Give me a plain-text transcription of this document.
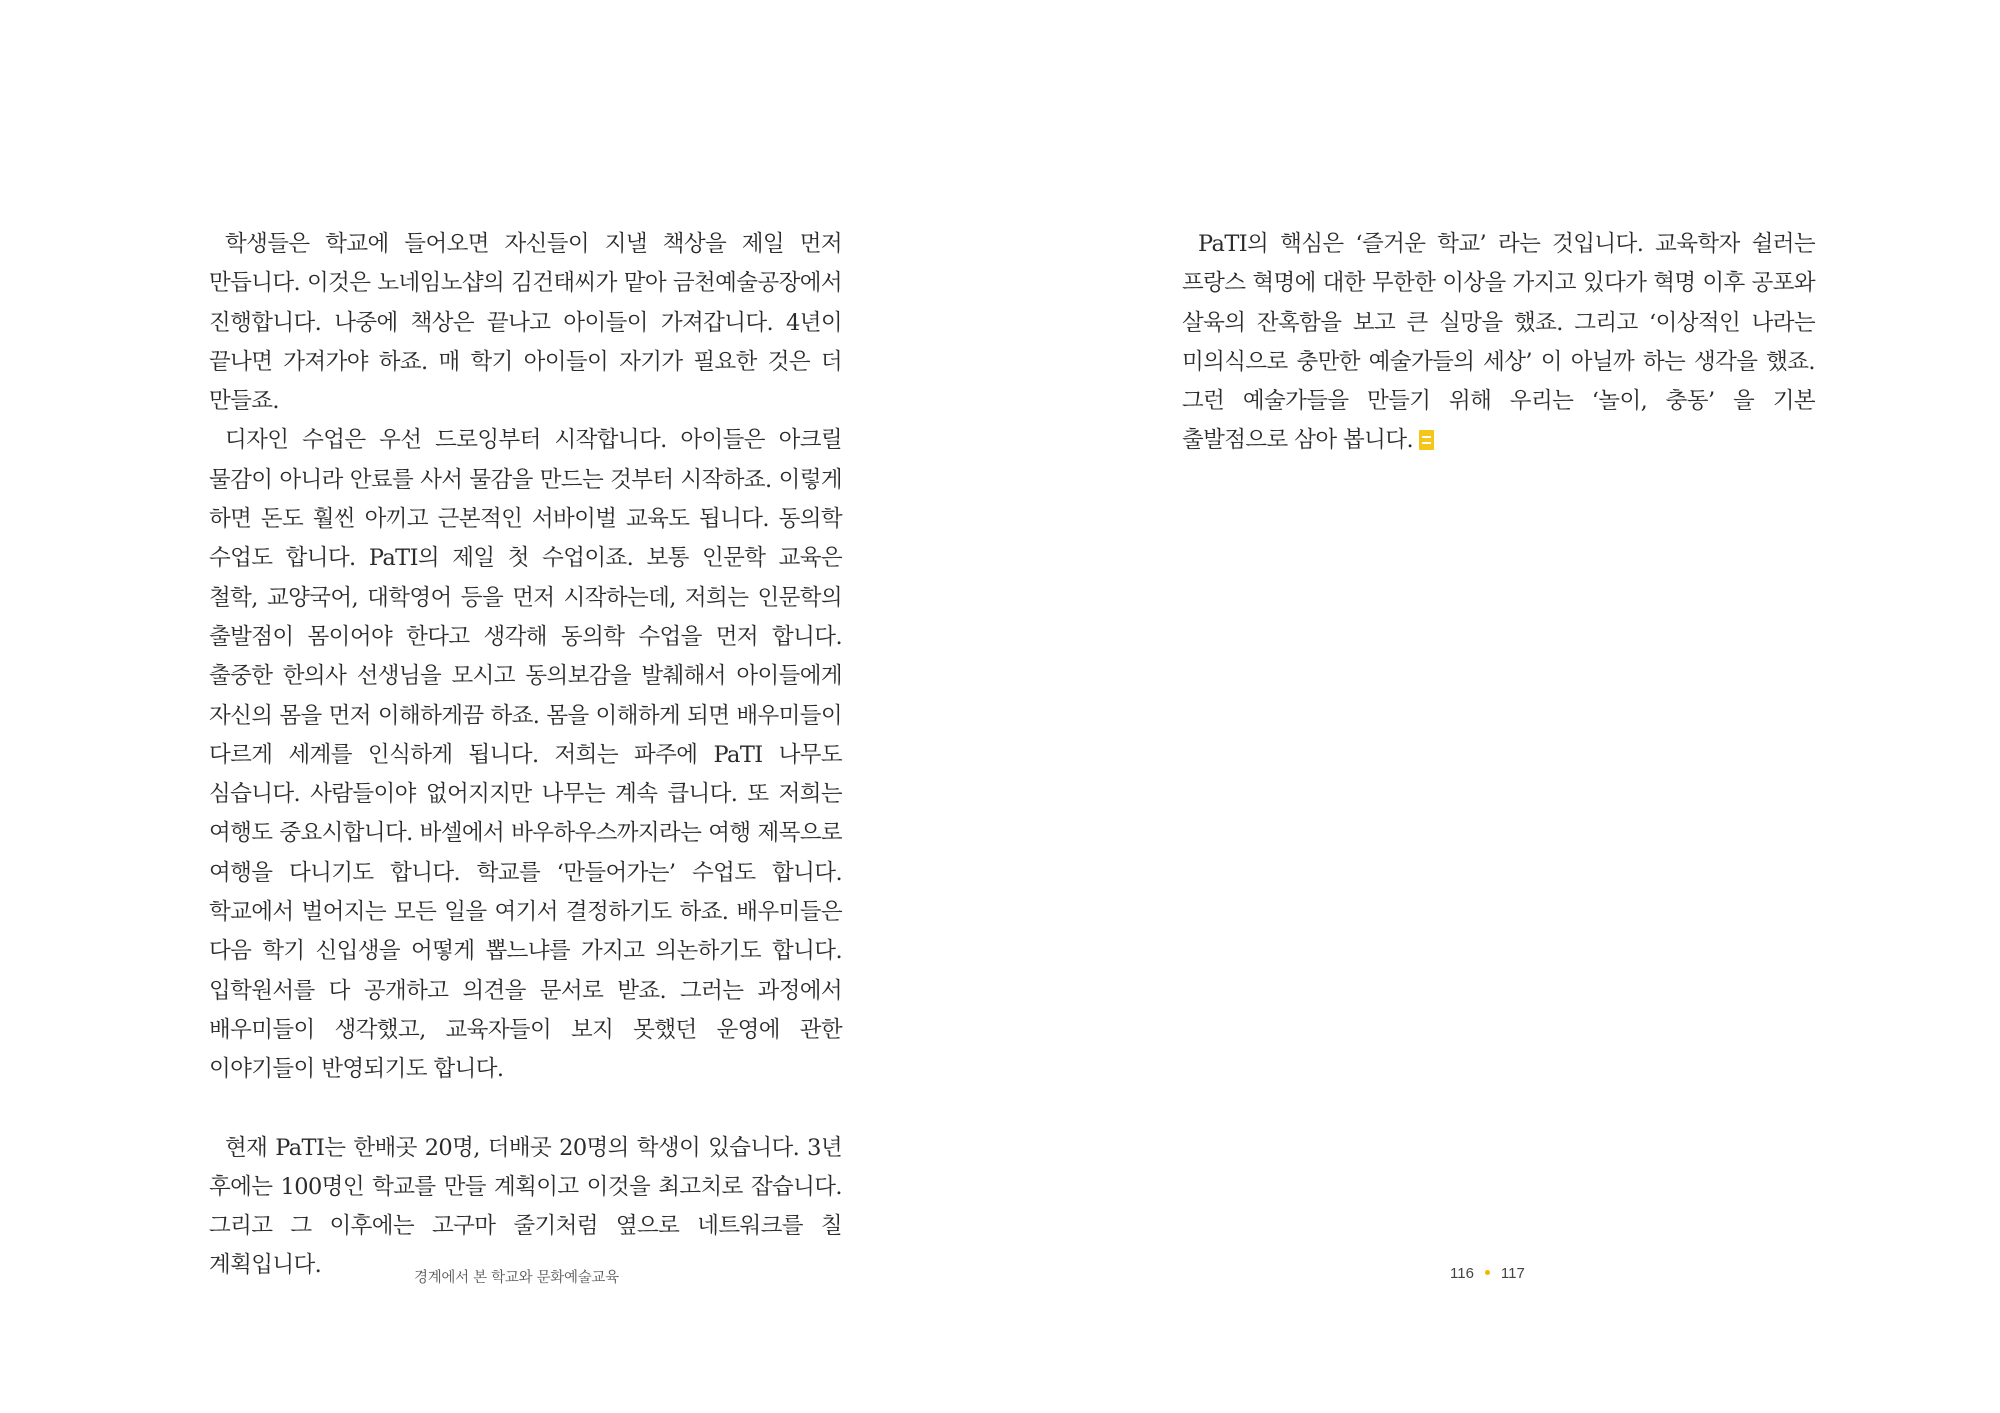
학생들은 학교에 들어오면 자신들이 지낼 책상을 제일 먼저 만듭니다. 이것은 노네임노샵의 김건태씨가 맡아 금천예술공장에서 진행합니다. 나중에 책상은 끝나고 아이들이 가져갑니다. 4년이 끝나면 가져가야 하죠. 매 학기 아이들이 자기가 필요한 것은 더 만들죠.

디자인 수업은 우선 드로잉부터 시작합니다. 아이들은 아크릴 물감이 아니라 안료를 사서 물감을 만드는 것부터 시작하죠. 이렇게 하면 돈도 훨씬 아끼고 근본적인 서바이벌 교육도 됩니다. 동의학 수업도 합니다. PaTI의 제일 첫 수업이죠. 보통 인문학 교육은 철학, 교양국어, 대학영어 등을 먼저 시작하는데, 저희는 인문학의 출발점이 몸이어야 한다고 생각해 동의학 수업을 먼저 합니다. 출중한 한의사 선생님을 모시고 동의보감을 발췌해서 아이들에게 자신의 몸을 먼저 이해하게끔 하죠. 몸을 이해하게 되면 배우미들이 다르게 세계를 인식하게 됩니다. 저희는 파주에 PaTI 나무도 심습니다. 사람들이야 없어지지만 나무는 계속 큽니다. 또 저희는 여행도 중요시합니다. 바셀에서 바우하우스까지라는 여행 제목으로 여행을 다니기도 합니다. 학교를 ‘만들어가는’ 수업도 합니다. 학교에서 벌어지는 모든 일을 여기서 결정하기도 하죠. 배우미들은 다음 학기 신입생을 어떻게 뽑느냐를 가지고 의논하기도 합니다. 입학원서를 다 공개하고 의견을 문서로 받죠. 그러는 과정에서 배우미들이 생각했고, 교육자들이 보지 못했던 운영에 관한 이야기들이 반영되기도 합니다.

현재 PaTI는 한배곳 20명, 더배곳 20명의 학생이 있습니다. 3년 후에는 100명인 학교를 만들 계획이고 이것을 최고치로 잡습니다. 그리고 그 이후에는 고구마 줄기처럼 옆으로 네트워크를 칠 계획입니다.	경계에서 본 학교와 문화예술교육

PaTI의 핵심은 ‘즐거운 학교’ 라는 것입니다. 교육학자 쉴러는 프랑스 혁명에 대한 무한한 이상을 가지고 있다가 혁명 이후 공포와 살육의 잔혹함을 보고 큰 실망을 했죠. 그리고 ‘이상적인 나라는 미의식으로 충만한 예술가들의 세상’ 이 아닐까 하는 생각을 했죠. 그런 예술가들을 만들기 위해 우리는 ‘놀이, 충동’ 을 기본 출발점으로 삼아 봅니다.

116 117
